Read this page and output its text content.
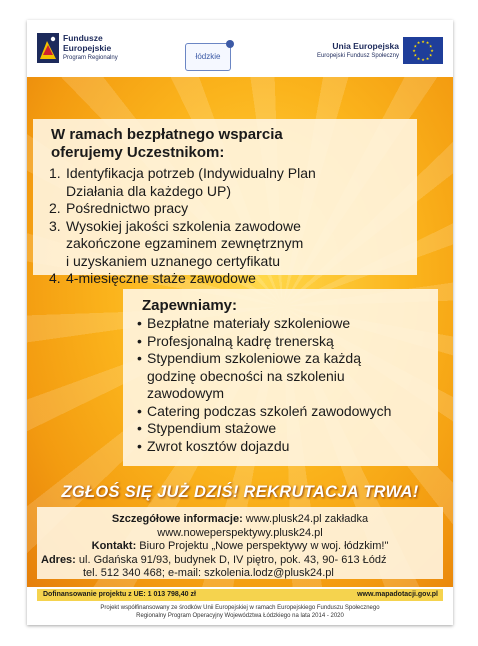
Fundusze
Europejskie
Program Regionalny	łódzkie
Unia Europejska
Europejski Fundusz Społeczny
★ ★
★
★
★
★
★
★
★
★
★
★
W ramach bezpłatnego wsparcia
oferujemy Uczestnikom:
1. Identyfikacja potrzeb (Indywidualny Plan
Działania dla każdego UP)
2. Pośrednictwo pracy
3. Wysokiej jakości szkolenia zawodowe
zakończone egzaminem zewnętrznym
i uzyskaniem uznanego certyfikatu
4. 4-miesięczne staże zawodowe
Zapewniamy:
• Bezpłatne materiały szkoleniowe
• Profesjonalną kadrę trenerską
• Stypendium szkoleniowe za każdą
godzinę obecności na szkoleniu
zawodowym
• Catering podczas szkoleń zawodowych
• Stypendium stażowe
• Zwrot kosztów dojazdu
ZGŁOŚ SIĘ JUŻ DZIŚ! REKRUTACJA TRWA!
Szczegółowe informacje: www.plusk24.pl zakładka
www.noweperspektywy.plusk24.pl
Kontakt: Biuro Projektu „Nowe perspektywy w woj. łódzkim!"
Adres: ul. Gdańska 91/93, budynek D, IV piętro, pok. 43, 90- 613 Łódź
tel. 512 340 468; e-mail: szkolenia.lodz@plusk24.pl
Dofinansowanie projektu z UE: 1 013 798,40 zł	www.mapadotacji.gov.pl
Projekt współfinansowany ze środków Unii Europejskiej w ramach Europejskiego Funduszu Społecznego
Regionalny Program Operacyjny Województwa Łódzkiego na lata 2014 - 2020
